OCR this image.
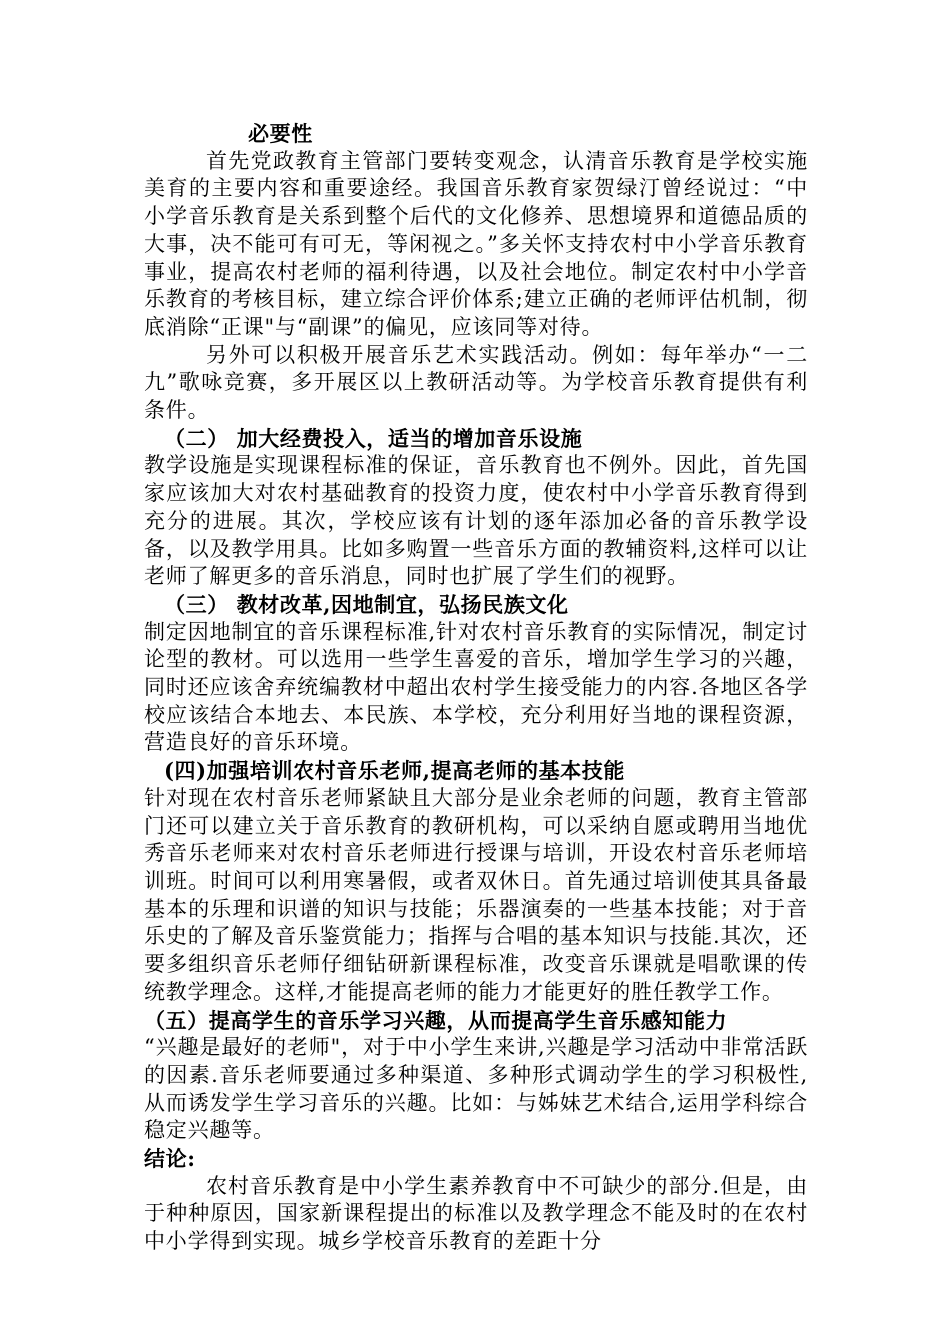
必要性

首先党政教育主管部门要转变观念，认清音乐教育是学校实施美育的主要内容和重要途经。我国音乐教育家贺绿汀曾经说过：“中小学音乐教育是关系到整个后代的文化修养、思想境界和道德品质的大事，决不能可有可无，等闲视之。”多关怀支持农村中小学音乐教育事业，提高农村老师的福利待遇，以及社会地位。制定农村中小学音乐教育的考核目标，建立综合评价体系;建立正确的老师评估机制，彻底消除“正课"与“副课”的偏见，应该同等对待。

另外可以积极开展音乐艺术实践活动。例如：每年举办“一二九”歌咏竞赛，多开展区以上教研活动等。为学校音乐教育提供有利条件。

（二） 加大经费投入，适当的增加音乐设施

教学设施是实现课程标准的保证，音乐教育也不例外。因此，首先国家应该加大对农村基础教育的投资力度，使农村中小学音乐教育得到充分的进展。其次，学校应该有计划的逐年添加必备的音乐教学设备，以及教学用具。比如多购置一些音乐方面的教辅资料,这样可以让老师了解更多的音乐消息，同时也扩展了学生们的视野。

（三） 教材改革,因地制宜，弘扬民族文化

制定因地制宜的音乐课程标准,针对农村音乐教育的实际情况，制定讨论型的教材。可以选用一些学生喜爱的音乐，增加学生学习的兴趣，同时还应该舍弃统编教材中超出农村学生接受能力的内容.各地区各学校应该结合本地去、本民族、本学校，充分利用好当地的课程资源，营造良好的音乐环境。

(四)加强培训农村音乐老师,提高老师的基本技能

针对现在农村音乐老师紧缺且大部分是业余老师的问题，教育主管部门还可以建立关于音乐教育的教研机构，可以采纳自愿或聘用当地优秀音乐老师来对农村音乐老师进行授课与培训，开设农村音乐老师培训班。时间可以利用寒暑假，或者双休日。首先通过培训使其具备最基本的乐理和识谱的知识与技能；乐器演奏的一些基本技能；对于音乐史的了解及音乐鉴赏能力；指挥与合唱的基本知识与技能.其次，还要多组织音乐老师仔细钻研新课程标准，改变音乐课就是唱歌课的传统教学理念。这样,才能提高老师的能力才能更好的胜任教学工作。

（五）提高学生的音乐学习兴趣，从而提高学生音乐感知能力

“兴趣是最好的老师"，对于中小学生来讲,兴趣是学习活动中非常活跃的因素.音乐老师要通过多种渠道、多种形式调动学生的学习积极性,从而诱发学生学习音乐的兴趣。比如：与姊妹艺术结合,运用学科综合稳定兴趣等。

结论:

农村音乐教育是中小学生素养教育中不可缺少的部分.但是，由于种种原因，国家新课程提出的标准以及教学理念不能及时的在农村中小学得到实现。城乡学校音乐教育的差距十分
